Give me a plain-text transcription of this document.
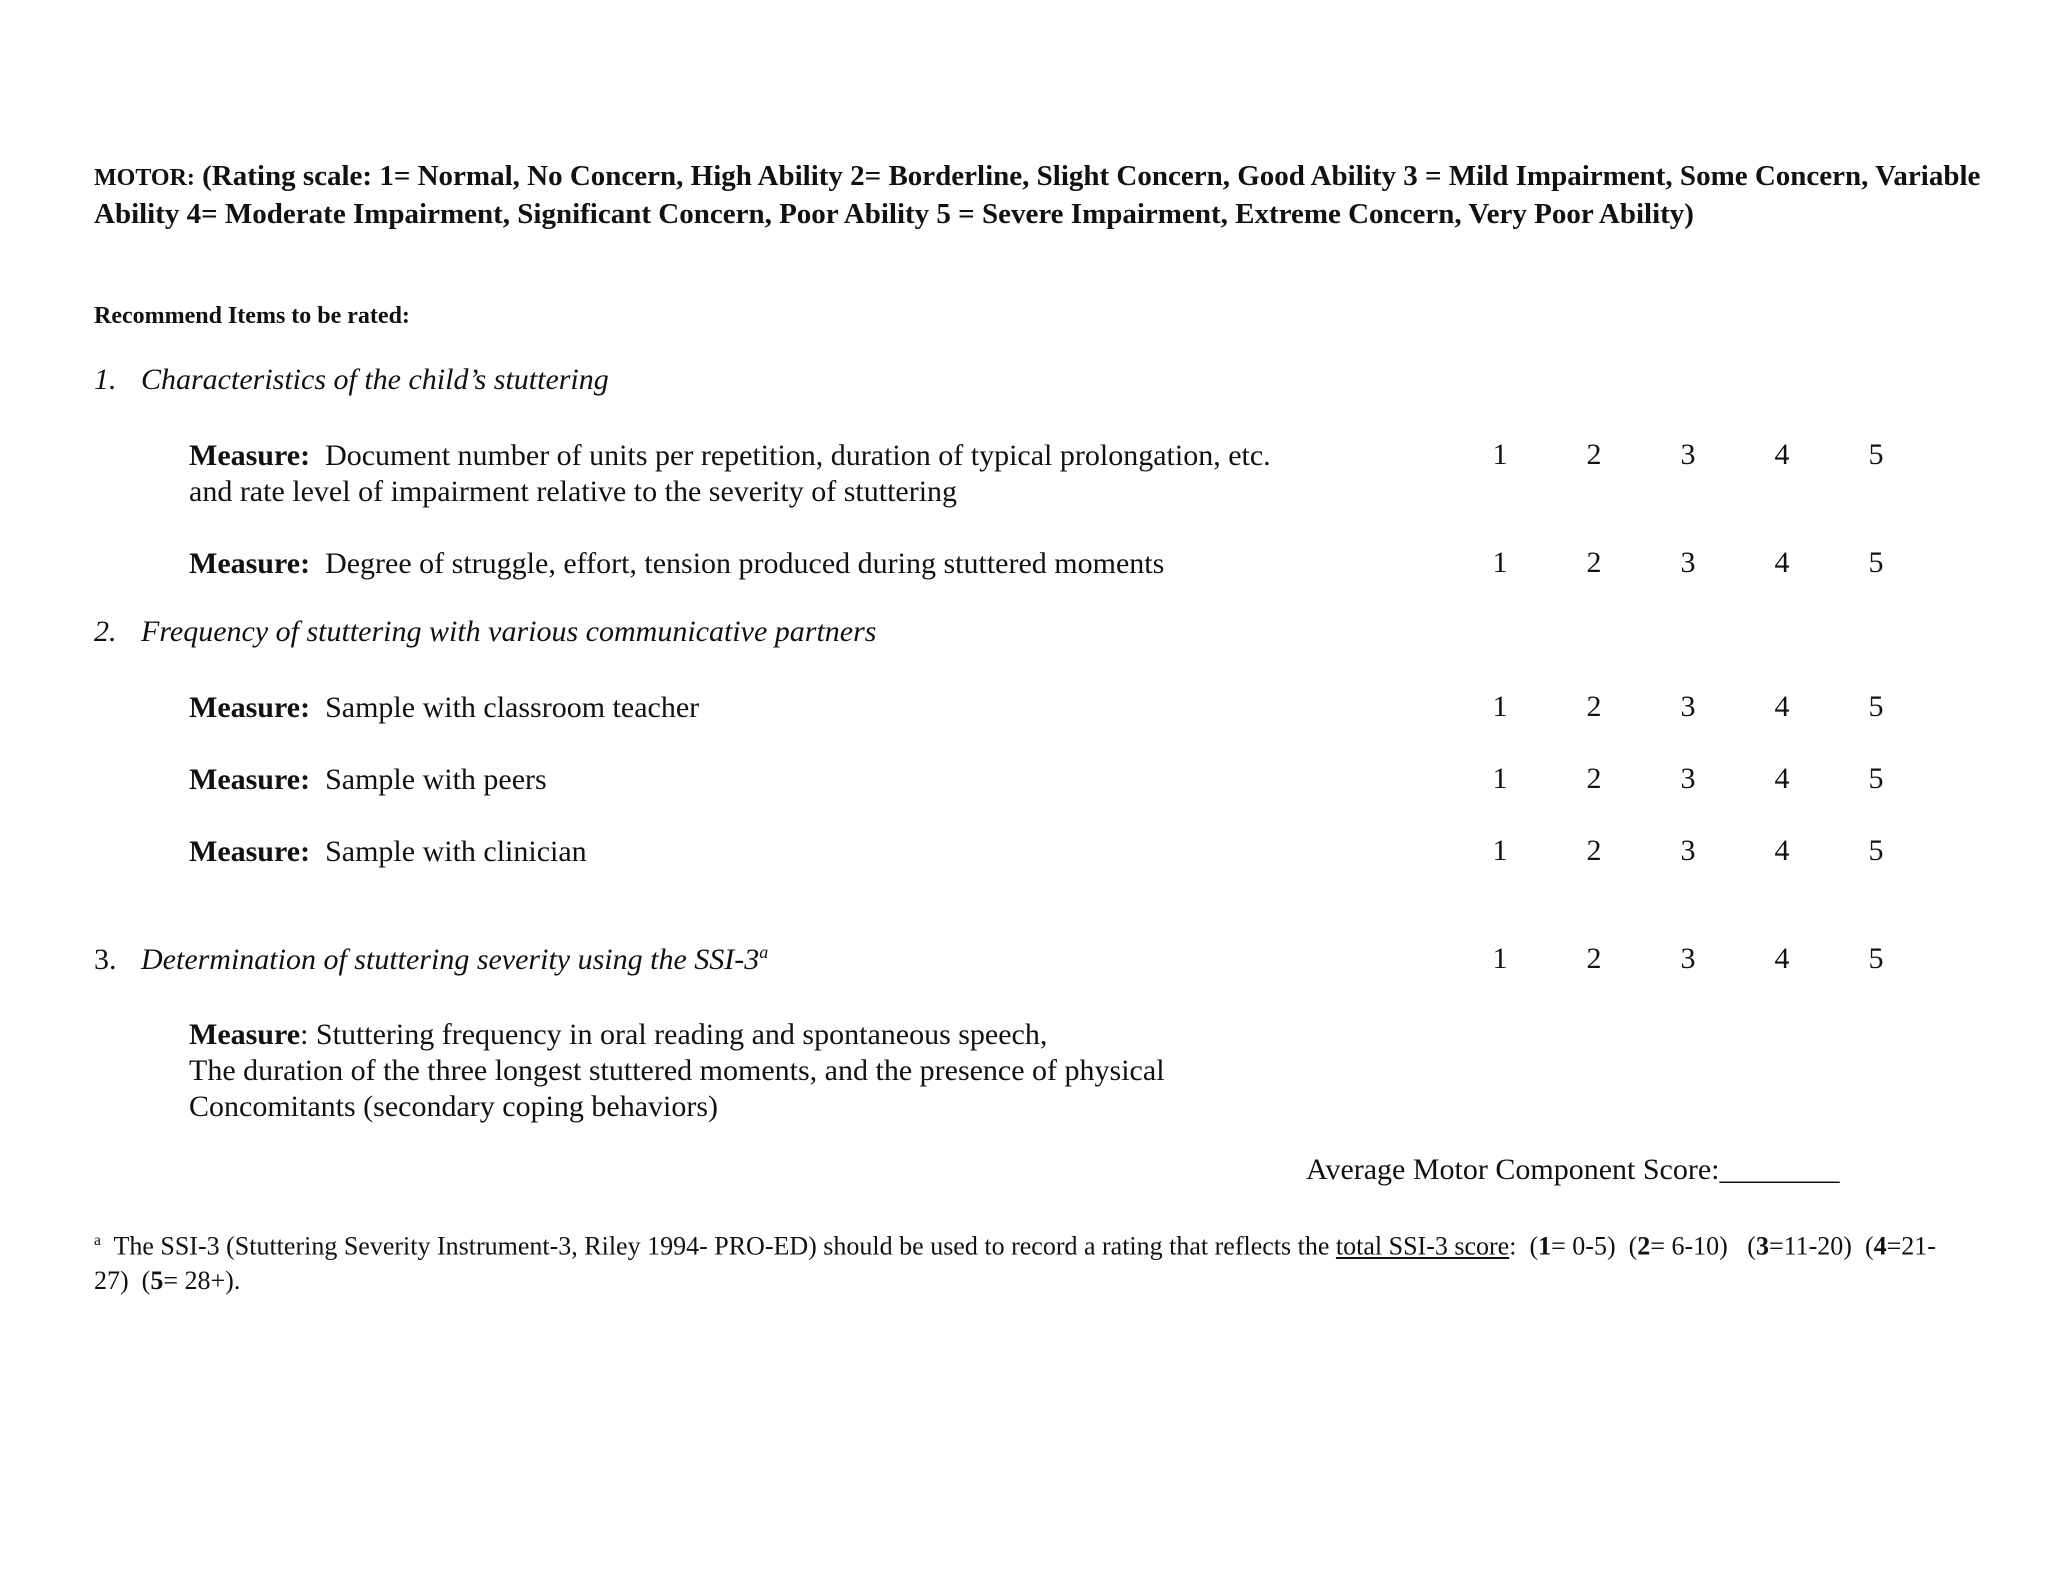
MOTOR: (Rating scale: 1= Normal, No Concern, High Ability 2= Borderline, Slight Concern, Good Ability 3 = Mild Impairment, Some Concern, Variable Ability 4= Moderate Impairment, Significant Concern, Poor Ability 5 = Severe Impairment, Extreme Concern, Very Poor Ability)
Recommend Items to be rated:
1. Characteristics of the child’s stuttering
Measure: Document number of units per repetition, duration of typical prolongation, etc.
and rate level of impairment relative to the severity of stuttering
1	2	3	4	5
Measure: Degree of struggle, effort, tension produced during stuttered moments	1	2	3	4	5
2. Frequency of stuttering with various communicative partners
Measure: Sample with classroom teacher	1	2	3	4	5
Measure: Sample with peers	1	2	3	4	5
Measure: Sample with clinician	1	2	3	4	5
3. Determination of stuttering severity using the SSI-3$^a$	1	2	3	4	5
Measure: Stuttering frequency in oral reading and spontaneous speech,
The duration of the three longest stuttered moments, and the presence of physical
Concomitants (secondary coping behaviors)
Average Motor Component Score:________
$^a$ The SSI-3 (Stuttering Severity Instrument-3, Riley 1994- PRO-ED) should be used to record a rating that reflects the total SSI-3 score:  (1= 0-5)  (2= 6-10)   (3=11-20)  (4=21-27)  (5= 28+).
